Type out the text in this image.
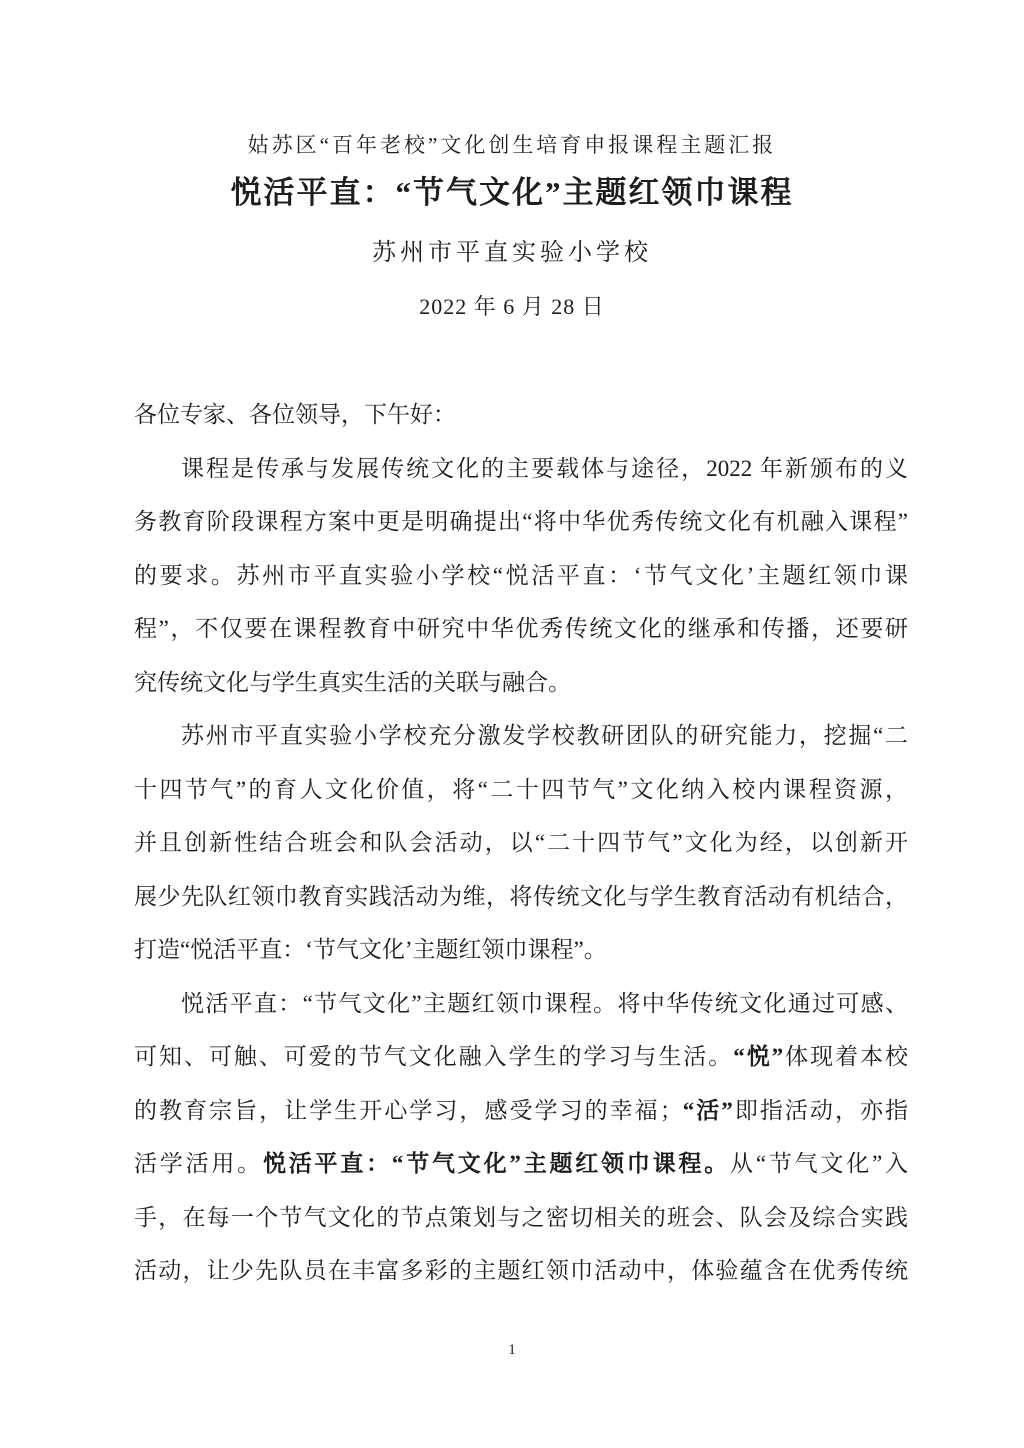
姑苏区“百年老校”文化创生培育申报课程主题汇报
悦活平直：“节气文化”主题红领巾课程
苏州市平直实验小学校
2022 年 6 月 28 日
各位专家、各位领导，下午好：
课程是传承与发展传统文化的主要载体与途径，2022 年新颁布的义
务教育阶段课程方案中更是明确提出“将中华优秀传统文化有机融入课程”
的要求。苏州市平直实验小学校“悦活平直：‘节气文化’主题红领巾课
程”，不仅要在课程教育中研究中华优秀传统文化的继承和传播，还要研
究传统文化与学生真实生活的关联与融合。
苏州市平直实验小学校充分激发学校教研团队的研究能力，挖掘“二
十四节气”的育人文化价值，将“二十四节气”文化纳入校内课程资源，
并且创新性结合班会和队会活动，以“二十四节气”文化为经，以创新开
展少先队红领巾教育实践活动为维，将传统文化与学生教育活动有机结合，
打造“悦活平直：‘节气文化’主题红领巾课程”。
悦活平直：“节气文化”主题红领巾课程。将中华传统文化通过可感、
可知、可触、可爱的节气文化融入学生的学习与生活。“悦”体现着本校
的教育宗旨，让学生开心学习，感受学习的幸福；“活”即指活动，亦指
活学活用。悦活平直：“节气文化”主题红领巾课程。从“节气文化”入
手，在每一个节气文化的节点策划与之密切相关的班会、队会及综合实践
活动，让少先队员在丰富多彩的主题红领巾活动中，体验蕴含在优秀传统
1
